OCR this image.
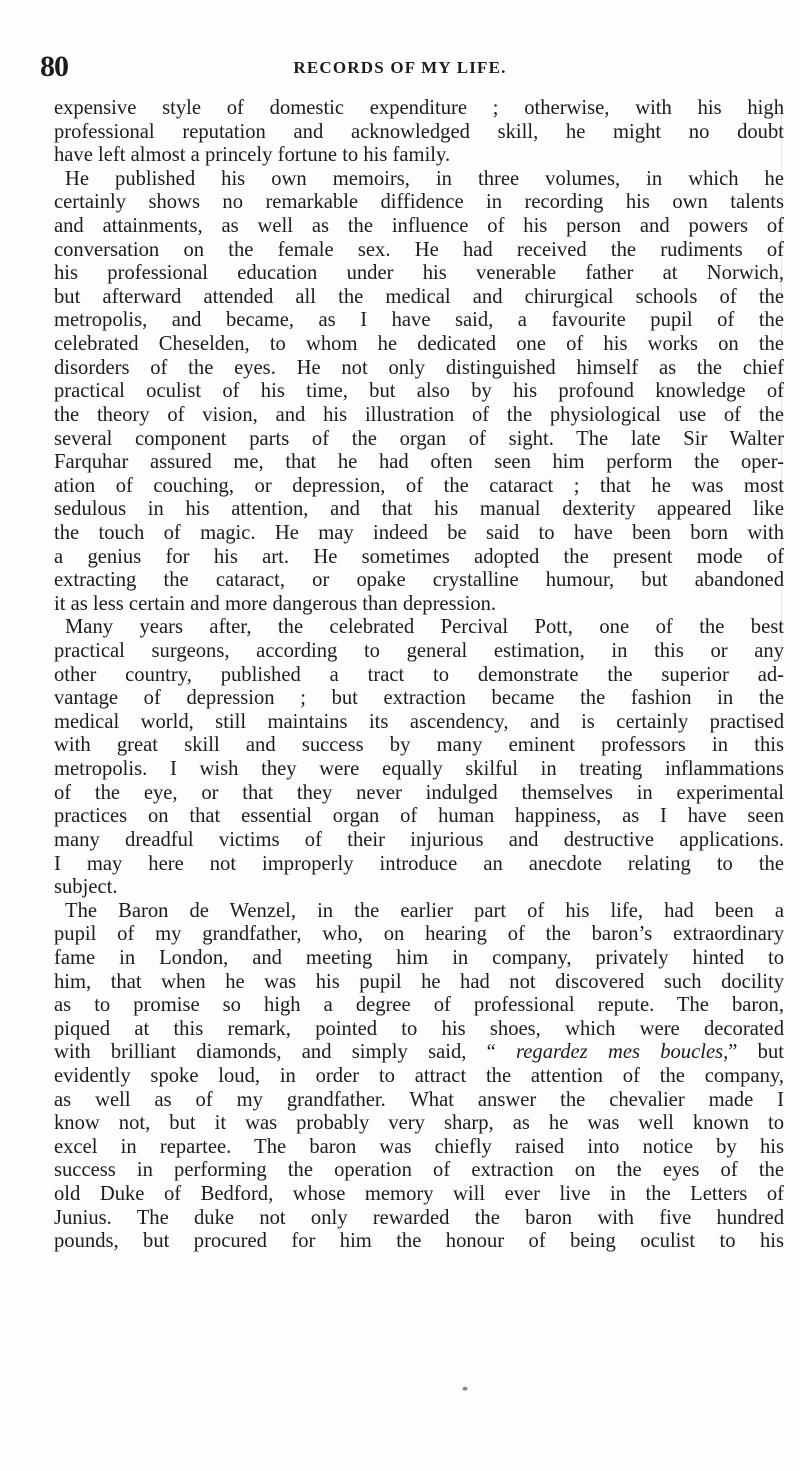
80	RECORDS OF MY LIFE.
expensive style of domestic expenditure ; otherwise, with his high
professional reputation and acknowledged skill, he might no doubt
have left almost a princely fortune to his family.
He published his own memoirs, in three volumes, in which he
certainly shows no remarkable diffidence in recording his own talents
and attainments, as well as the influence of his person and powers of
conversation on the female sex. He had received the rudiments of
his professional education under his venerable father at Norwich,
but afterward attended all the medical and chirurgical schools of the
metropolis, and became, as I have said, a favourite pupil of the
celebrated Cheselden, to whom he dedicated one of his works on the
disorders of the eyes. He not only distinguished himself as the chief
practical oculist of his time, but also by his profound knowledge of
the theory of vision, and his illustration of the physiological use of the
several component parts of the organ of sight. The late Sir Walter
Farquhar assured me, that he had often seen him perform the oper-
ation of couching, or depression, of the cataract ; that he was most
sedulous in his attention, and that his manual dexterity appeared like
the touch of magic. He may indeed be said to have been born with
a genius for his art. He sometimes adopted the present mode of
extracting the cataract, or opake crystalline humour, but abandoned
it as less certain and more dangerous than depression.
Many years after, the celebrated Percival Pott, one of the best
practical surgeons, according to general estimation, in this or any
other country, published a tract to demonstrate the superior ad-
vantage of depression ; but extraction became the fashion in the
medical world, still maintains its ascendency, and is certainly practised
with great skill and success by many eminent professors in this
metropolis. I wish they were equally skilful in treating inflammations
of the eye, or that they never indulged themselves in experimental
practices on that essential organ of human happiness, as I have seen
many dreadful victims of their injurious and destructive applications.
I may here not improperly introduce an anecdote relating to the
subject.
The Baron de Wenzel, in the earlier part of his life, had been a
pupil of my grandfather, who, on hearing of the baron’s extraordinary
fame in London, and meeting him in company, privately hinted to
him, that when he was his pupil he had not discovered such docility
as to promise so high a degree of professional repute. The baron,
piqued at this remark, pointed to his shoes, which were decorated
with brilliant diamonds, and simply said, “ regardez mes boucles,” but
evidently spoke loud, in order to attract the attention of the company,
as well as of my grandfather. What answer the chevalier made I
know not, but it was probably very sharp, as he was well known to
excel in repartee. The baron was chiefly raised into notice by his
success in performing the operation of extraction on the eyes of the
old Duke of Bedford, whose memory will ever live in the Letters of
Junius. The duke not only rewarded the baron with five hundred
pounds, but procured for him the honour of being oculist to his
*
